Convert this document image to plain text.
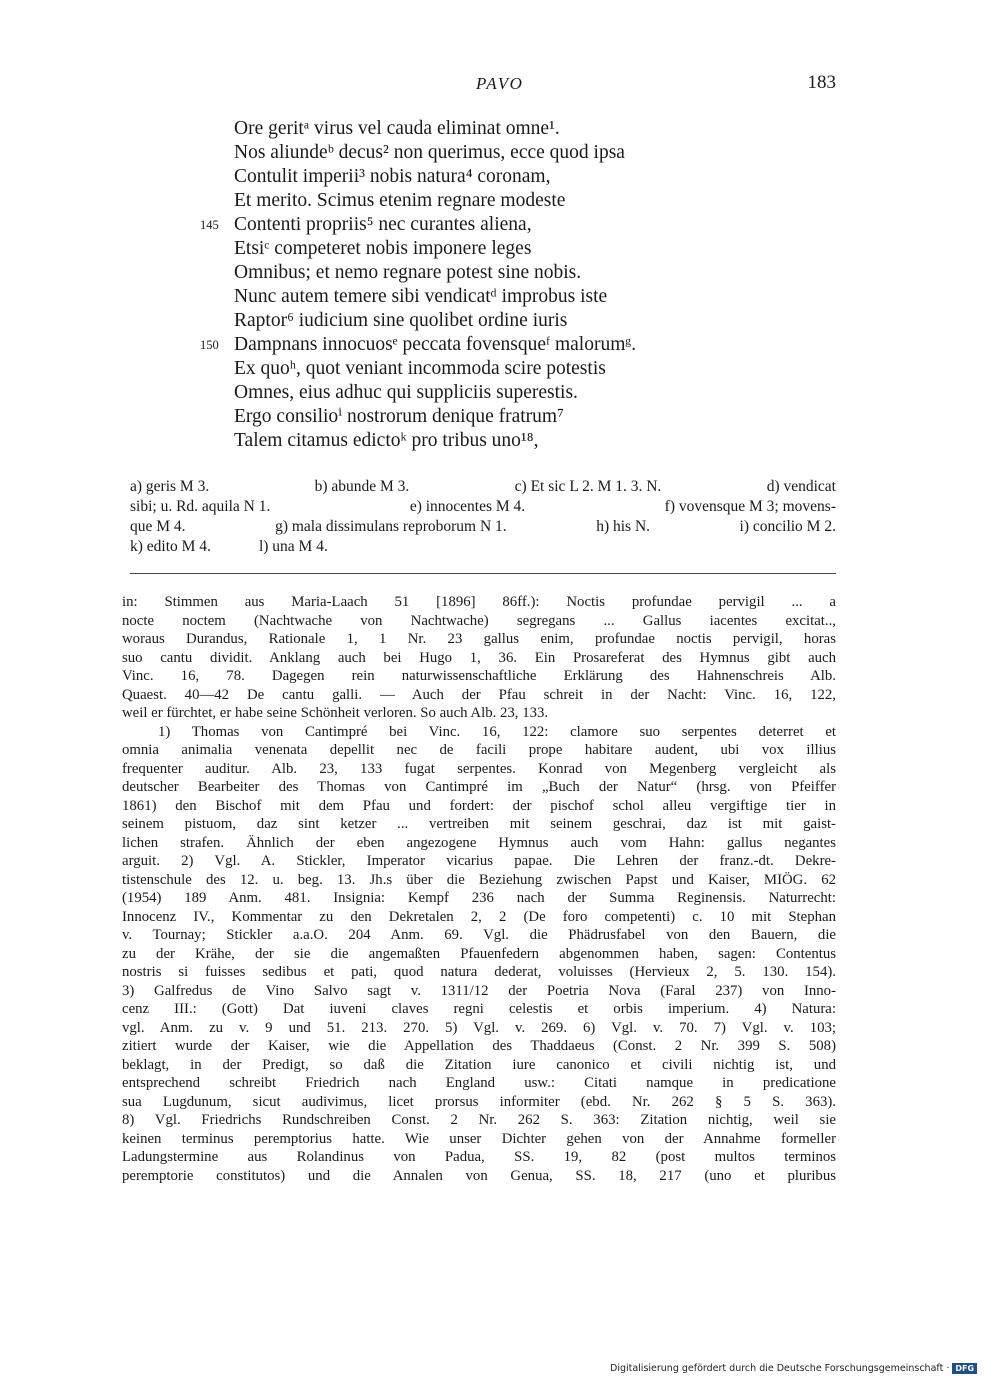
PAVO	183
Ore geritᵃ virus vel cauda eliminat omne¹.
Nos aliundeᵇ decus² non querimus, ecce quod ipsa
Contulit imperii³ nobis natura⁴ coronam,
Et merito. Scimus etenim regnare modeste
145 Contenti propriis⁵ nec curantes aliena,
Etsiᶜ competeret nobis imponere leges
Omnibus; et nemo regnare potest sine nobis.
Nunc autem temere sibi vendicatᵈ improbus iste
Raptor⁶ iudicium sine quolibet ordine iuris
150 Dampnans innocuosᵉ peccata fovensqueᶠ malorumᵍ.
Ex quoʰ, quot veniant incommoda scire potestis
Omnes, eius adhuc qui suppliciis superestis.
Ergo consilioⁱ nostrorum denique fratrum⁷
Talem citamus edictoᵏ pro tribus uno¹⁸,
a) geris M 3.	b) abunde M 3.	c) Et sic L 2. M 1. 3. N.	d) vendicat
sibi; u. Rd. aquila N 1.	e) innocentes M 4.	f) vovensque M 3; movens-
que M 4.	g) mala dissimulans reproborum N 1.	h) his N.	i) concilio M 2.
k) edito M 4.	l) una M 4.
in: Stimmen aus Maria-Laach 51 [1896] 86ff.): Noctis profundae pervigil ... a
nocte noctem (Nachtwache von Nachtwache) segregans ... Gallus iacentes excitat..,
woraus Durandus, Rationale 1, 1 Nr. 23 gallus enim, profundae noctis pervigil, horas
suo cantu dividit. Anklang auch bei Hugo 1, 36. Ein Prosareferat des Hymnus gibt auch
Vinc. 16, 78. Dagegen rein naturwissenschaftliche Erklärung des Hahnenschreis Alb.
Quaest. 40—42 De cantu galli. — Auch der Pfau schreit in der Nacht: Vinc. 16, 122,
weil er fürchtet, er habe seine Schönheit verloren. So auch Alb. 23, 133.
1) Thomas von Cantimpré bei Vinc. 16, 122: clamore suo serpentes deterret et
omnia animalia venenata depellit nec de facili prope habitare audent, ubi vox illius
frequenter auditur. Alb. 23, 133 fugat serpentes. Konrad von Megenberg vergleicht als
deutscher Bearbeiter des Thomas von Cantimpré im „Buch der Natur“ (hrsg. von Pfeiffer
1861) den Bischof mit dem Pfau und fordert: der pischof schol alleu vergiftige tier in
seinem pistuom, daz sint ketzer ... vertreiben mit seinem geschrai, daz ist mit gaist-
lichen strafen. Ähnlich der eben angezogene Hymnus auch vom Hahn: gallus negantes
arguit. 2) Vgl. A. Stickler, Imperator vicarius papae. Die Lehren der franz.-dt. Dekre-
tistenschule des 12. u. beg. 13. Jh.s über die Beziehung zwischen Papst und Kaiser, MIÖG. 62
(1954) 189 Anm. 481. Insignia: Kempf 236 nach der Summa Reginensis. Naturrecht:
Innocenz IV., Kommentar zu den Dekretalen 2, 2 (De foro competenti) c. 10 mit Stephan
v. Tournay; Stickler a.a.O. 204 Anm. 69. Vgl. die Phädrusfabel von den Bauern, die
zu der Krähe, der sie die angemaßten Pfauenfedern abgenommen haben, sagen: Contentus
nostris si fuisses sedibus et pati, quod natura dederat, voluisses (Hervieux 2, 5. 130. 154).
3) Galfredus de Vino Salvo sagt v. 1311/12 der Poetria Nova (Faral 237) von Inno-
cenz III.: (Gott) Dat iuveni claves regni celestis et orbis imperium. 4) Natura:
vgl. Anm. zu v. 9 und 51. 213. 270. 5) Vgl. v. 269. 6) Vgl. v. 70. 7) Vgl. v. 103;
zitiert wurde der Kaiser, wie die Appellation des Thaddaeus (Const. 2 Nr. 399 S. 508)
beklagt, in der Predigt, so daß die Zitation iure canonico et civili nichtig ist, und
entsprechend schreibt Friedrich nach England usw.: Citati namque in predicatione
sua Lugdunum, sicut audivimus, licet prorsus informiter (ebd. Nr. 262 § 5 S. 363).
8) Vgl. Friedrichs Rundschreiben Const. 2 Nr. 262 S. 363: Zitation nichtig, weil sie
keinen terminus peremptorius hatte. Wie unser Dichter gehen von der Annahme formeller
Ladungstermine aus Rolandinus von Padua, SS. 19, 82 (post multos terminos
peremptorie constitutos) und die Annalen von Genua, SS. 18, 217 (uno et pluribus
Digitalisierung gefördert durch die Deutsche Forschungsgemeinschaft · DFG
